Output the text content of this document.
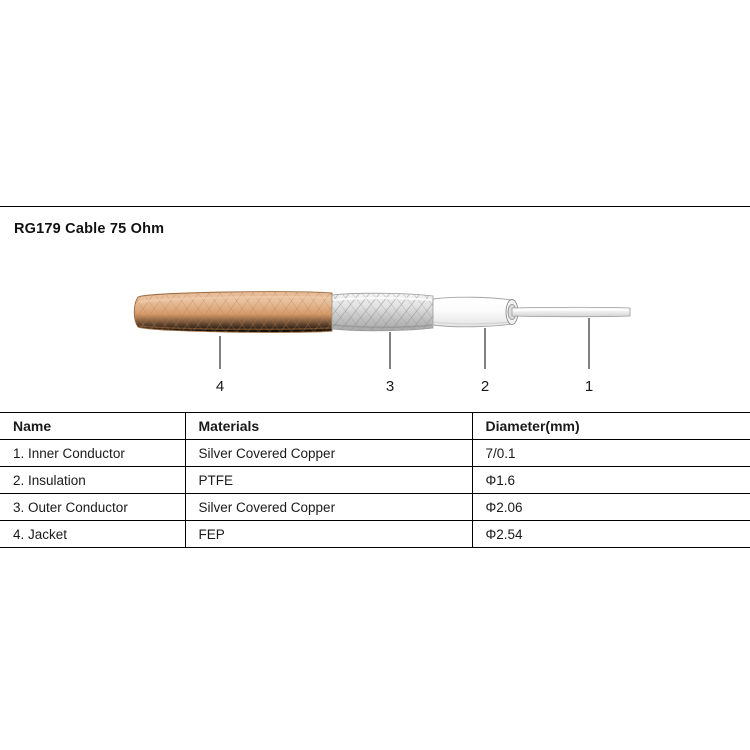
RG179 Cable 75 Ohm
4	3	2	1
Name	Materials	Diameter(mm)
1. Inner Conductor	Silver Covered Copper	7/0.1
2. Insulation	PTFE	Φ1.6
3. Outer Conductor	Silver Covered Copper	Φ2.06
4. Jacket	FEP	Φ2.54
